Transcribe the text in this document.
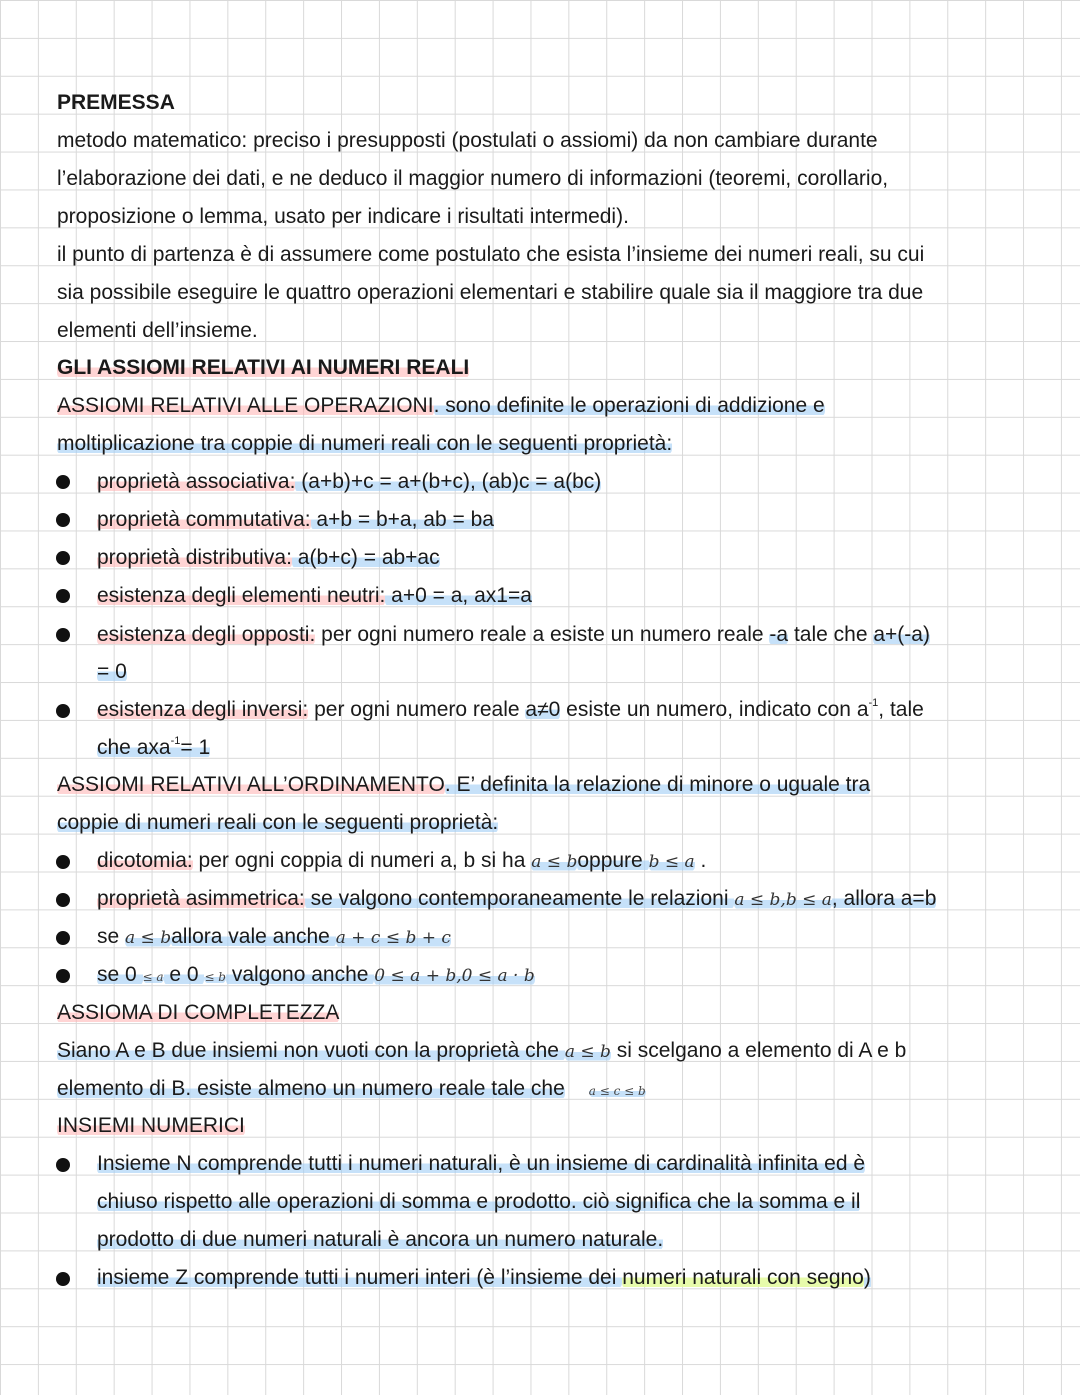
PREMESSA
metodo matematico: preciso i presupposti (postulati o assiomi) da non cambiare durante
l’elaborazione dei dati, e ne deduco il maggior numero di informazioni (teoremi, corollario,
proposizione o lemma, usato per indicare i risultati intermedi).
il punto di partenza è di assumere come postulato che esista l’insieme dei numeri reali, su cui
sia possibile eseguire le quattro operazioni elementari e stabilire quale sia il maggiore tra due
elementi dell’insieme.
GLI ASSIOMI RELATIVI AI NUMERI REALI
ASSIOMI RELATIVI ALLE OPERAZIONI. sono definite le operazioni di addizione e
moltiplicazione tra coppie di numeri reali con le seguenti proprietà:
proprietà associativa: (a+b)+c = a+(b+c), (ab)c = a(bc)
proprietà commutativa: a+b = b+a, ab = ba
proprietà distributiva: a(b+c) = ab+ac
esistenza degli elementi neutri: a+0 = a, ax1=a
esistenza degli opposti: per ogni numero reale a esiste un numero reale -a tale che a+(-a)
= 0
esistenza degli inversi: per ogni numero reale a≠0 esiste un numero, indicato con $a^{-1}$, tale
che axa$^{-1}$= 1
ASSIOMI RELATIVI ALL’ORDINAMENTO. E’ definita la relazione di minore o uguale tra
coppie di numeri reali con le seguenti proprietà:
dicotomia: per ogni coppia di numeri a, b si ha a ≤ boppure b ≤ a .
proprietà asimmetrica: se valgono contemporaneamente le relazioni a ≤ b,b ≤ a, allora a=b
se a ≤ ballora vale anche a + c ≤ b + c
se 0 ≤ a e 0 ≤ b valgono anche 0 ≤ a + b,0 ≤ a · b
ASSIOMA DI COMPLETEZZA
Siano A e B due insiemi non vuoti con la proprietà che a ≤ b si scelgano a elemento di A e b
elemento di B. esiste almeno un numero reale tale che a ≤ c ≤ b
INSIEMI NUMERICI
Insieme N comprende tutti i numeri naturali, è un insieme di cardinalità infinita ed è
chiuso rispetto alle operazioni di somma e prodotto. ciò significa che la somma e il
prodotto di due numeri naturali è ancora un numero naturale.
insieme Z comprende tutti i numeri interi (è l’insieme dei numeri naturali con segno)
